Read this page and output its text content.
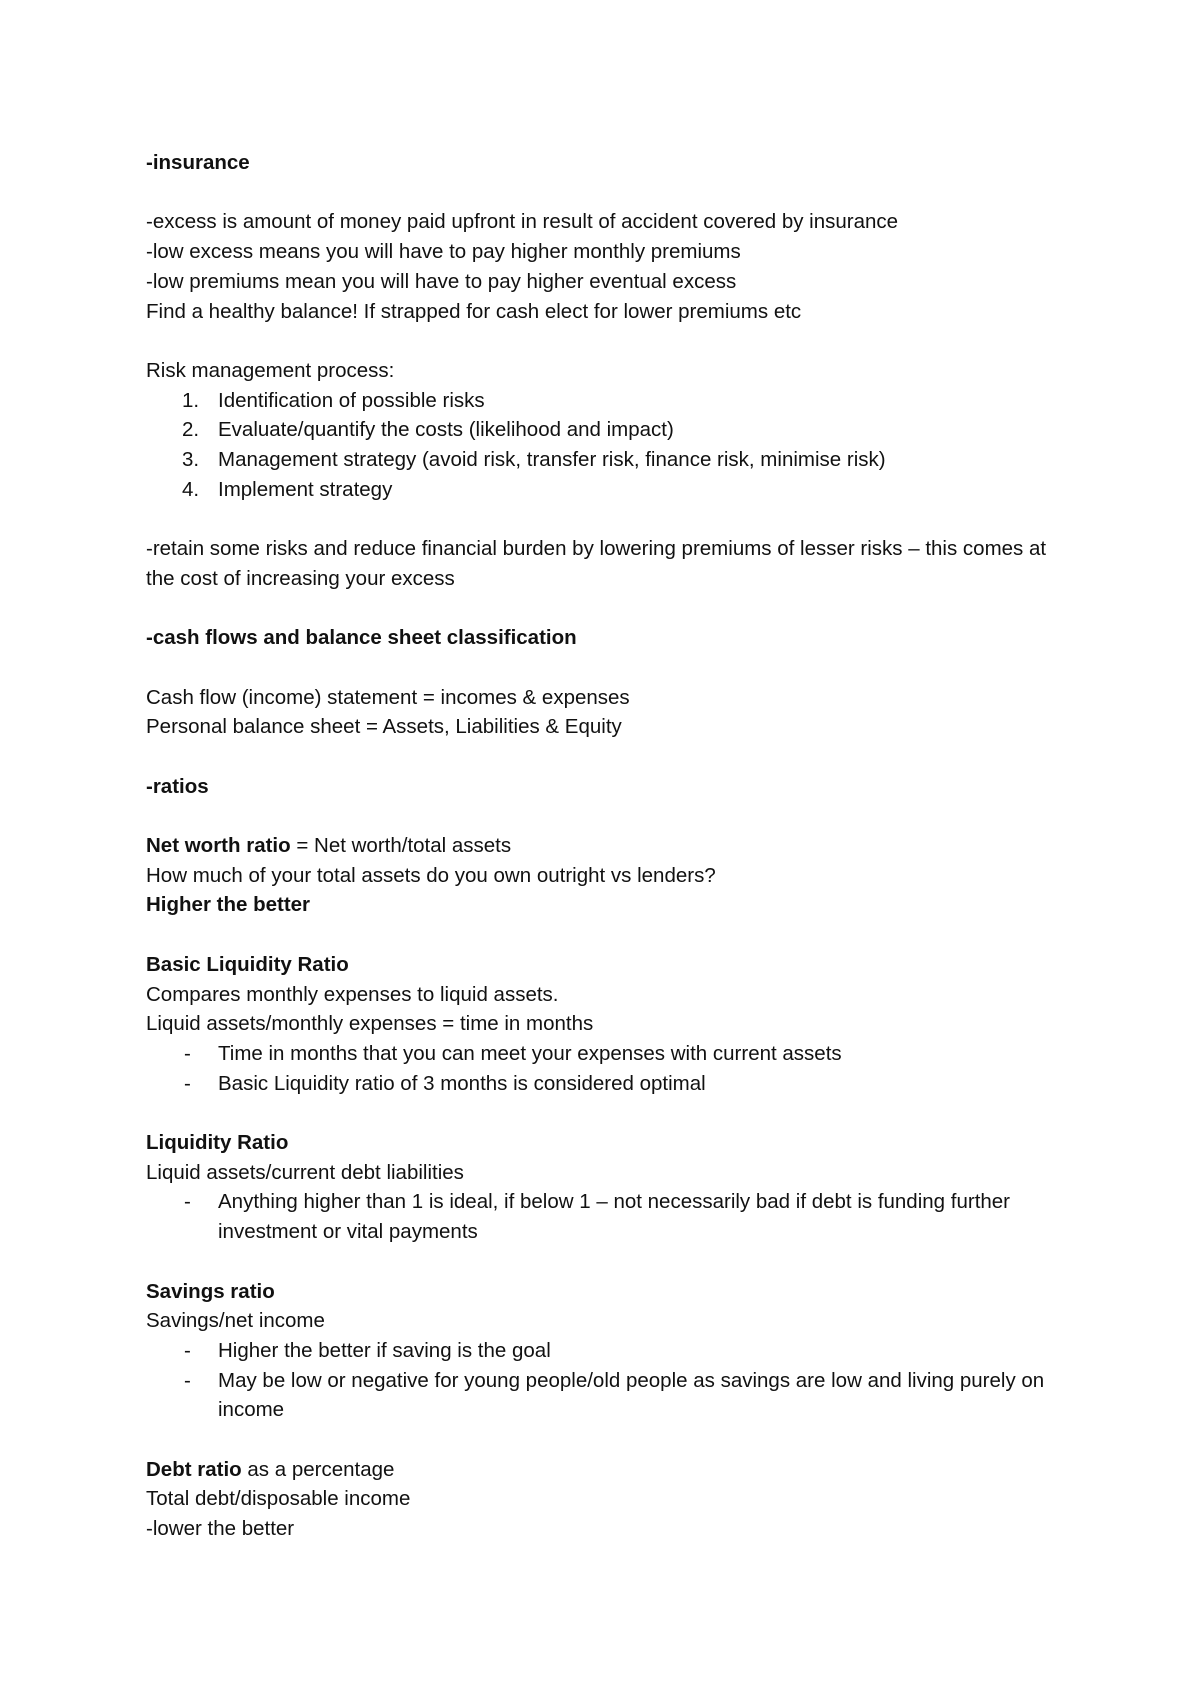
-insurance

-excess is amount of money paid upfront in result of accident covered by insurance

-low excess means you will have to pay higher monthly premiums

-low premiums mean you will have to pay higher eventual excess

Find a healthy balance! If strapped for cash elect for lower premiums etc

Risk management process:

1. Identification of possible risks
2. Evaluate/quantify the costs (likelihood and impact)
3. Management strategy (avoid risk, transfer risk, finance risk, minimise risk)
4. Implement strategy

-retain some risks and reduce financial burden by lowering premiums of lesser risks – this comes at the cost of increasing your excess

-cash flows and balance sheet classification

Cash flow (income) statement = incomes & expenses

Personal balance sheet = Assets, Liabilities & Equity

-ratios

Net worth ratio = Net worth/total assets

How much of your total assets do you own outright vs lenders?

Higher the better

Basic Liquidity Ratio

Compares monthly expenses to liquid assets.

Liquid assets/monthly expenses = time in months

- Time in months that you can meet your expenses with current assets
- Basic Liquidity ratio of 3 months is considered optimal

Liquidity Ratio

Liquid assets/current debt liabilities

- Anything higher than 1 is ideal, if below 1 – not necessarily bad if debt is funding further investment or vital payments

Savings ratio

Savings/net income

- Higher the better if saving is the goal
- May be low or negative for young people/old people as savings are low and living purely on income

Debt ratio as a percentage

Total debt/disposable income

-lower the better
